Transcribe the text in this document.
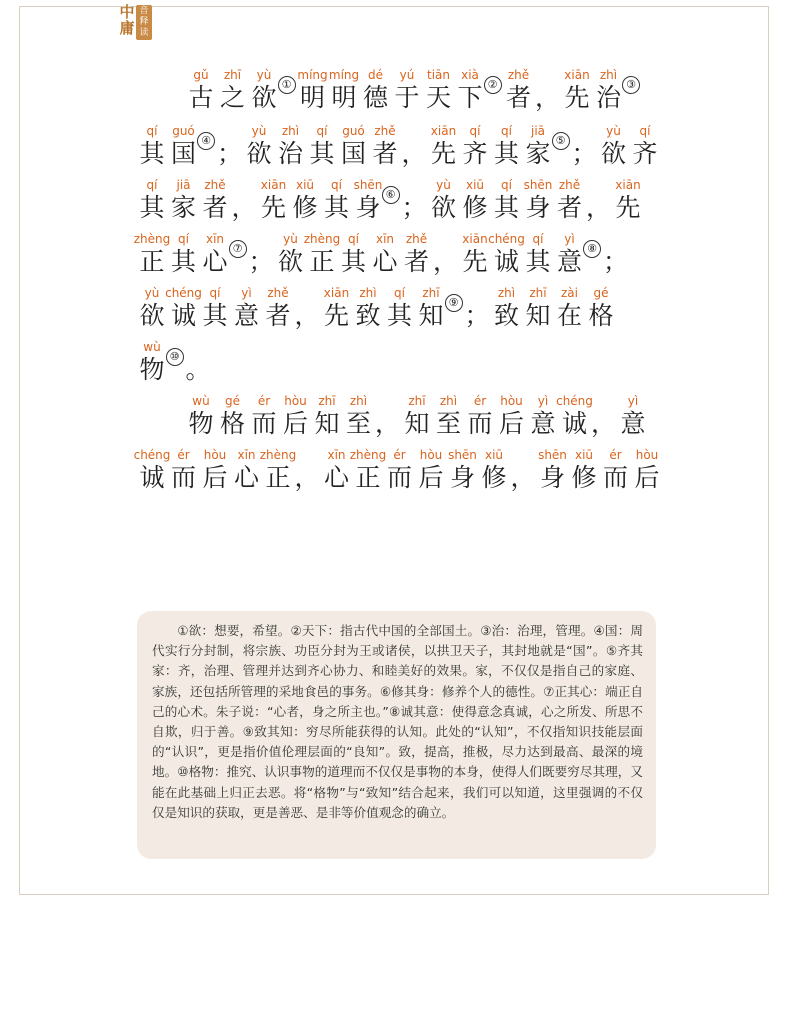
中庸
音释读
gǔ
古
zhī
之
yù
欲 ①
míng
明
míng
明
dé
德
yú
于
tiān
天
xià
下 ②
zhě
者 ，
xiān
先
zhì
治 ③
qí
其
guó
国 ④ ；
yù
欲
zhì
治
qí
其
guó
国
zhě
者 ，
xiān
先
qí
齐
qí
其
jiā
家 ⑤ ；
yù
欲
qí
齐
qí
其
jiā
家
zhě
者 ，
xiān
先
xiū
修
qí
其
shēn
身 ⑥ ；
yù
欲
xiū
修
qí
其
shēn
身
zhě
者 ，
xiān
先
zhèng
正
qí
其
xīn
心 ⑦ ；
yù
欲
zhèng
正
qí
其
xīn
心
zhě
者 ，
xiān
先
chéng
诚
qí
其
yì
意 ⑧ ；
yù
欲
chéng
诚
qí
其
yì
意
zhě
者 ，
xiān
先
zhì
致
qí
其
zhī
知 ⑨ ；
zhì
致
zhī
知
zài
在
gé
格
wù
物 ⑩ 。
wù
物
gé
格
ér
而
hòu
后
zhī
知
zhì
至 ，
zhī
知
zhì
至
ér
而
hòu
后
yì
意
chéng
诚 ，
yì
意
chéng
诚
ér
而
hòu
后
xīn
心
zhèng
正 ，
xīn
心
zhèng
正
ér
而
hòu
后
shēn
身
xiū
修 ，
shēn
身
xiū
修
ér
而
hòu
后
①欲：想要，希望。②天下：指古代中国的全部国土。③治：治理，管理。④国：周代实行分封制，将宗族、功臣分封为王或诸侯，以拱卫天子，其封地就是“国”。⑤齐其家：齐，治理、管理并达到齐心协力、和睦美好的效果。家，不仅仅是指自己的家庭、家族，还包括所管理的采地食邑的事务。⑥修其身：修养个人的德性。⑦正其心：端正自己的心术。朱子说：“心者，身之所主也。”⑧诚其意：使得意念真诚，心之所发、所思不自欺，归于善。⑨致其知：穷尽所能获得的认知。此处的“认知”，不仅指知识技能层面的“认识”，更是指价值伦理层面的“良知”。致，提高，推极，尽力达到最高、最深的境地。⑩格物：推究、认识事物的道理而不仅仅是事物的本身，使得人们既要穷尽其理，又能在此基础上归正去恶。将“格物”与“致知”结合起来，我们可以知道，这里强调的不仅仅是知识的获取，更是善恶、是非等价值观念的确立。
